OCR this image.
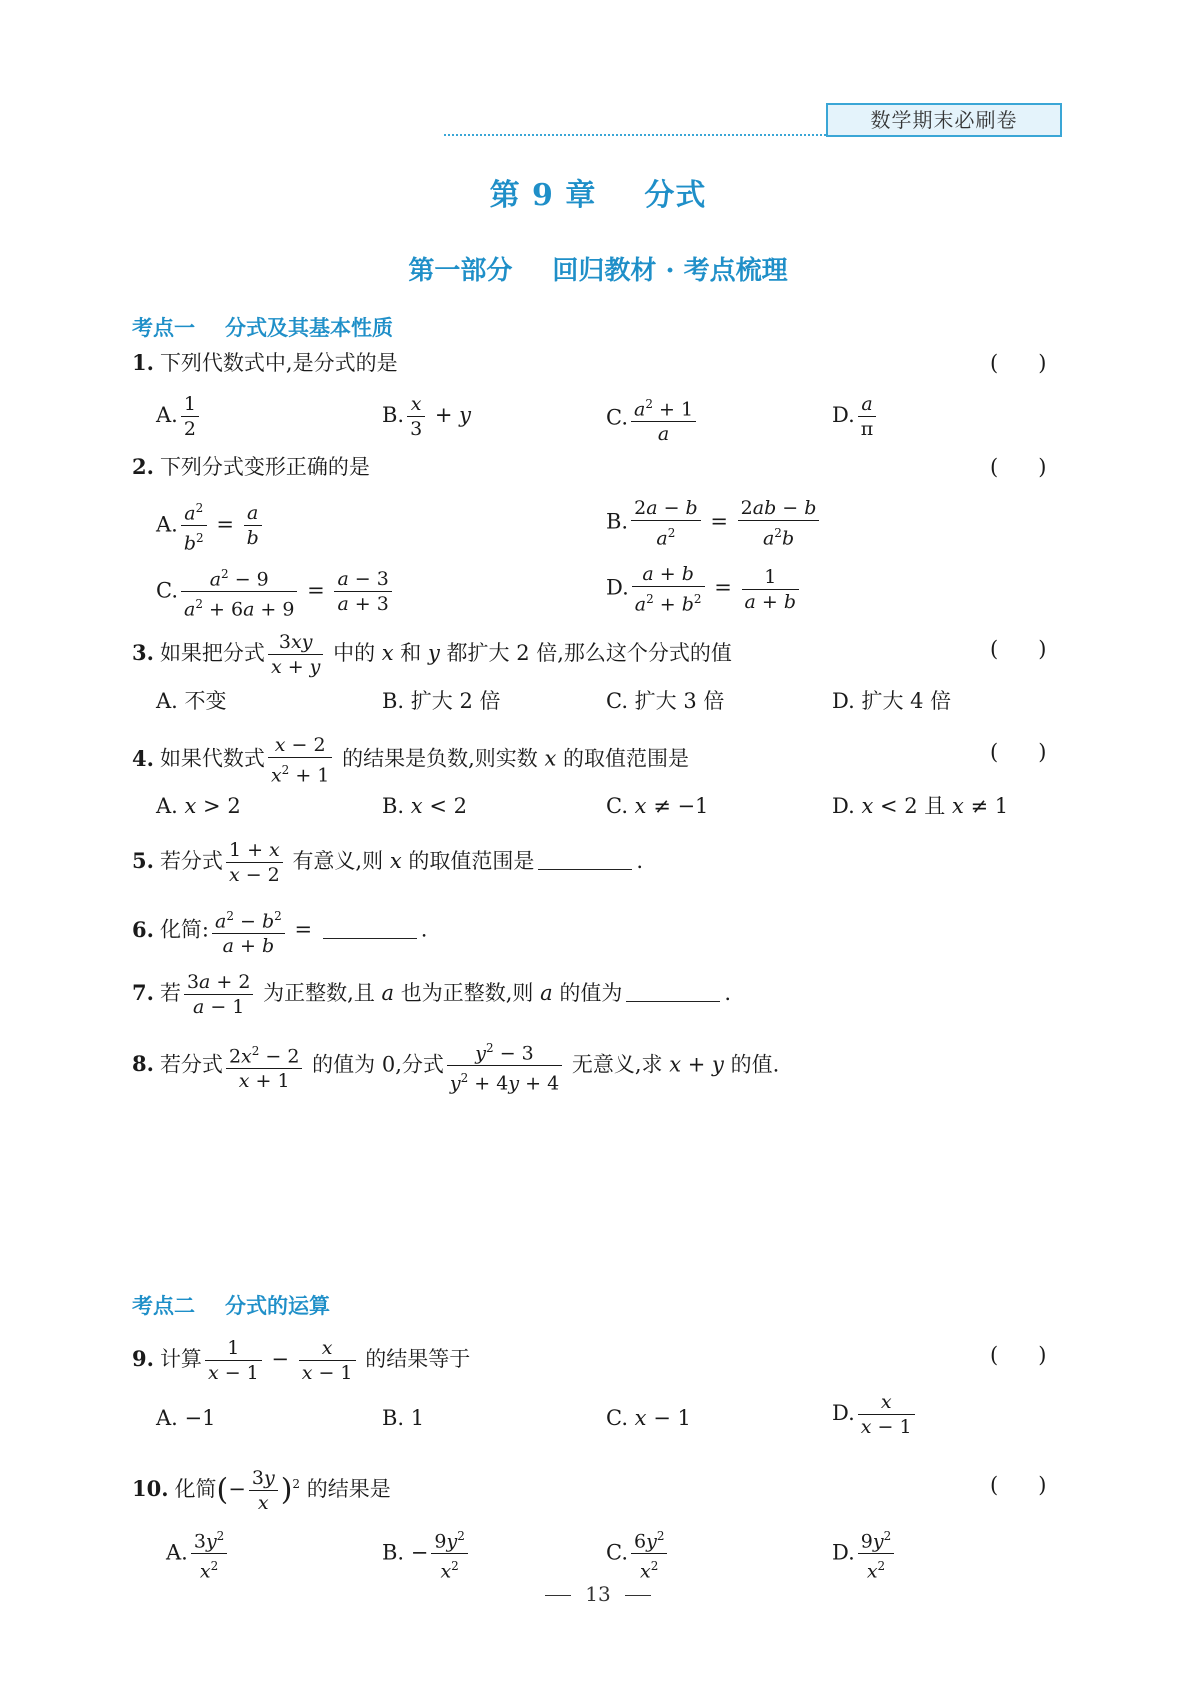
数学期末必刷卷
第 9 章 分式
第一部分 回归教材 · 考点梳理
考点一 分式及其基本性质
1. 下列代数式中,是分式的是	(      )
A. $\frac{1}{2}$	B. $\frac{x}{3} + y$	C. $\frac{a^2 + 1}{a}$	D. $\frac{a}{\pi}$
2. 下列分式变形正确的是	(      )
A. $\frac{a^2}{b^2} = \frac{a}{b}$	B. $\frac{2a - b}{a^2} = \frac{2ab - b}{a^2b}$
C. $\frac{a^2 - 9}{a^2 + 6a + 9} = \frac{a - 3}{a + 3}$	D. $\frac{a + b}{a^2 + b^2} = \frac{1}{a + b}$
3. 如果把分式 $\frac{3xy}{x + y}$ 中的 x 和 y 都扩大 2 倍,那么这个分式的值	(      )
A. 不变	B. 扩大 2 倍	C. 扩大 3 倍	D. 扩大 4 倍
4. 如果代数式 $\frac{x - 2}{x^2 + 1}$ 的结果是负数,则实数 x 的取值范围是	(      )
A. x > 2	B. x < 2	C. x ≠ −1	D. x < 2 且 x ≠ 1
5. 若分式 $\frac{1 + x}{x - 2}$ 有意义,则 x 的取值范围是	.
6. 化简: $\frac{a^2 - b^2}{a + b}$ =	.
7. 若 $\frac{3a + 2}{a - 1}$ 为正整数,且 a 也为正整数,则 a 的值为	.
8. 若分式 $\frac{2x^2 - 2}{x + 1}$ 的值为 0,分式 $\frac{y^2 - 3}{y^2 + 4y + 4}$ 无意义,求 x + y 的值.
考点二 分式的运算
9. 计算 $\frac{1}{x - 1} - \frac{x}{x - 1}$ 的结果等于	(      )
A. −1	B. 1	C. x − 1	D. $\frac{x}{x - 1}$
10. 化简(− $\frac{3y}{x} )^2$ 的结果是	(      )
A. $\frac{3y^2}{x^2}$	B. − $\frac{9y^2}{x^2}$	C. $\frac{6y^2}{x^2}$	D. $\frac{9y^2}{x^2}$
13
